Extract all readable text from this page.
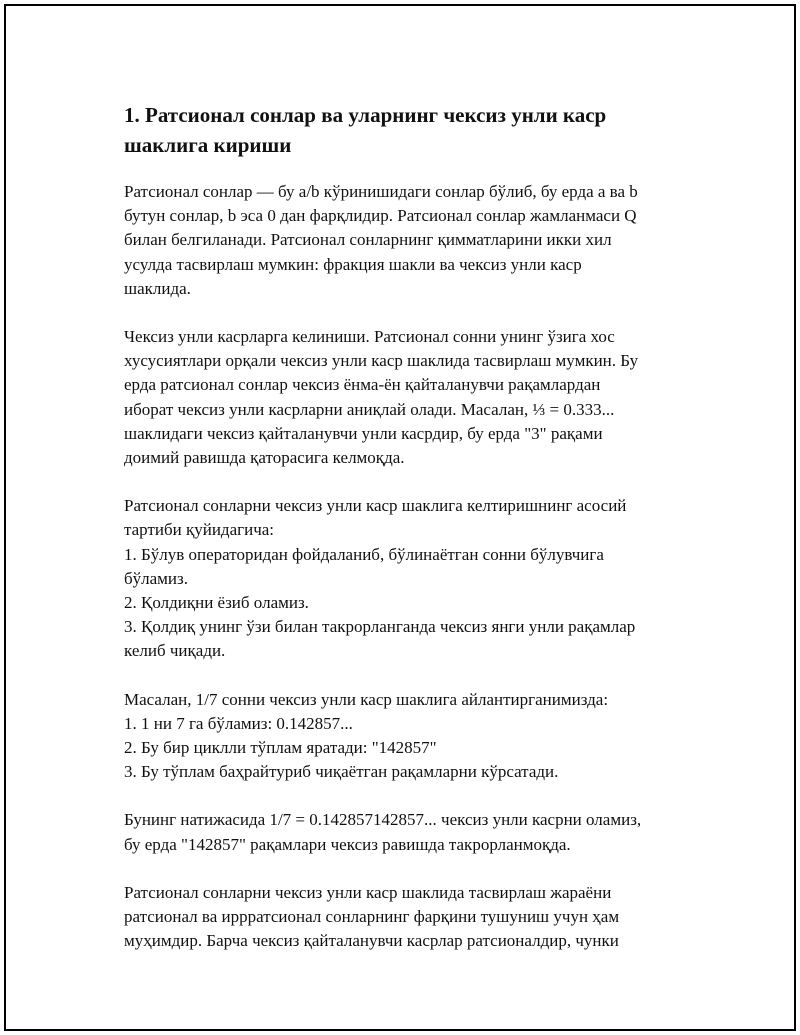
1. Ратсионал сонлар ва уларнинг чексиз унли каср
шаклига кириши
Ратсионал сонлар — бу a/b кўринишидаги сонлар бўлиб, бу ерда a ва b
бутун сонлар, b эса 0 дан фарқлидир. Ратсионал сонлар жамланмаси Q
билан белгиланади. Ратсионал сонларнинг қимматларини икки хил
усулда тасвирлаш мумкин: фракция шакли ва чексиз унли каср
шаклида.
Чексиз унли касрларга келиниши. Ратсионал сонни унинг ўзига хос
хусусиятлари орқали чексиз унли каср шаклида тасвирлаш мумкин. Бу
ерда ратсионал сонлар чексиз ёнма-ён қайталанувчи рақамлардан
иборат чексиз унли касрларни аниқлай олади. Масалан, ⅓ = 0.333...
шаклидаги чексиз қайталанувчи унли касрдир, бу ерда "3" рақами
доимий равишда қаторасига келмоқда.
Ратсионал сонларни чексиз унли каср шаклига келтиришнинг асосий
тартиби қуйидагича:
1. Бўлув операторидан фойдаланиб, бўлинаётган сонни бўлувчига
бўламиз.
2. Қолдиқни ёзиб оламиз.
3. Қолдиқ унинг ўзи билан такрорланганда чексиз янги унли рақамлар
келиб чиқади.
Масалан, 1/7 сонни чексиз унли каср шаклига айлантирганимизда:
1. 1 ни 7 га бўламиз: 0.142857...
2. Бу бир циклли тўплам яратади: "142857"
3. Бу тўплам баҳрайтуриб чиқаётган рақамларни кўрсатади.
Бунинг натижасида 1/7 = 0.142857142857... чексиз унли касрни оламиз,
бу ерда "142857" рақамлари чексиз равишда такрорланмоқда.
Ратсионал сонларни чексиз унли каср шаклида тасвирлаш жараёни
ратсионал ва иррратсионал сонларнинг фарқини тушуниш учун ҳам
муҳимдир. Барча чексиз қайталанувчи касрлар ратсионалдир, чунки
